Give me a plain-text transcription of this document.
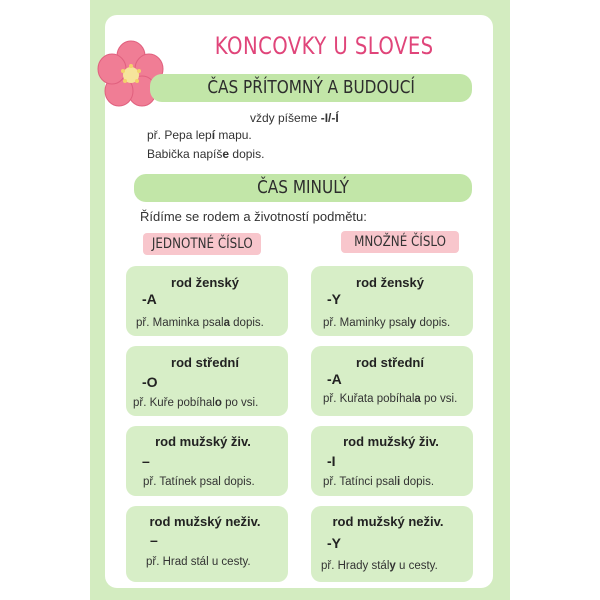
KONCOVKY U SLOVES
ČAS PŘÍTOMNÝ A BUDOUCÍ
vždy píšeme -I/-Í
př. Pepa lepí mapu.
Babička napíše dopis.
ČAS MINULÝ
Řídíme se rodem a životností podmětu:
JEDNOTNÉ ČÍSLO	MNOŽNÉ ČÍSLO
rod ženský
-A
př. Maminka psala dopis.
rod střední
-O
př. Kuře pobíhalo po vsi.
rod mužský živ.
–
př. Tatínek psal dopis.
rod mužský neživ.
–
př. Hrad stál u cesty.
rod ženský
-Y
př. Maminky psaly dopis.
rod střední
-A
př. Kuřata pobíhala po vsi.
rod mužský živ.
-I
př. Tatínci psali dopis.
rod mužský neživ.
-Y
př. Hrady stály u cesty.
